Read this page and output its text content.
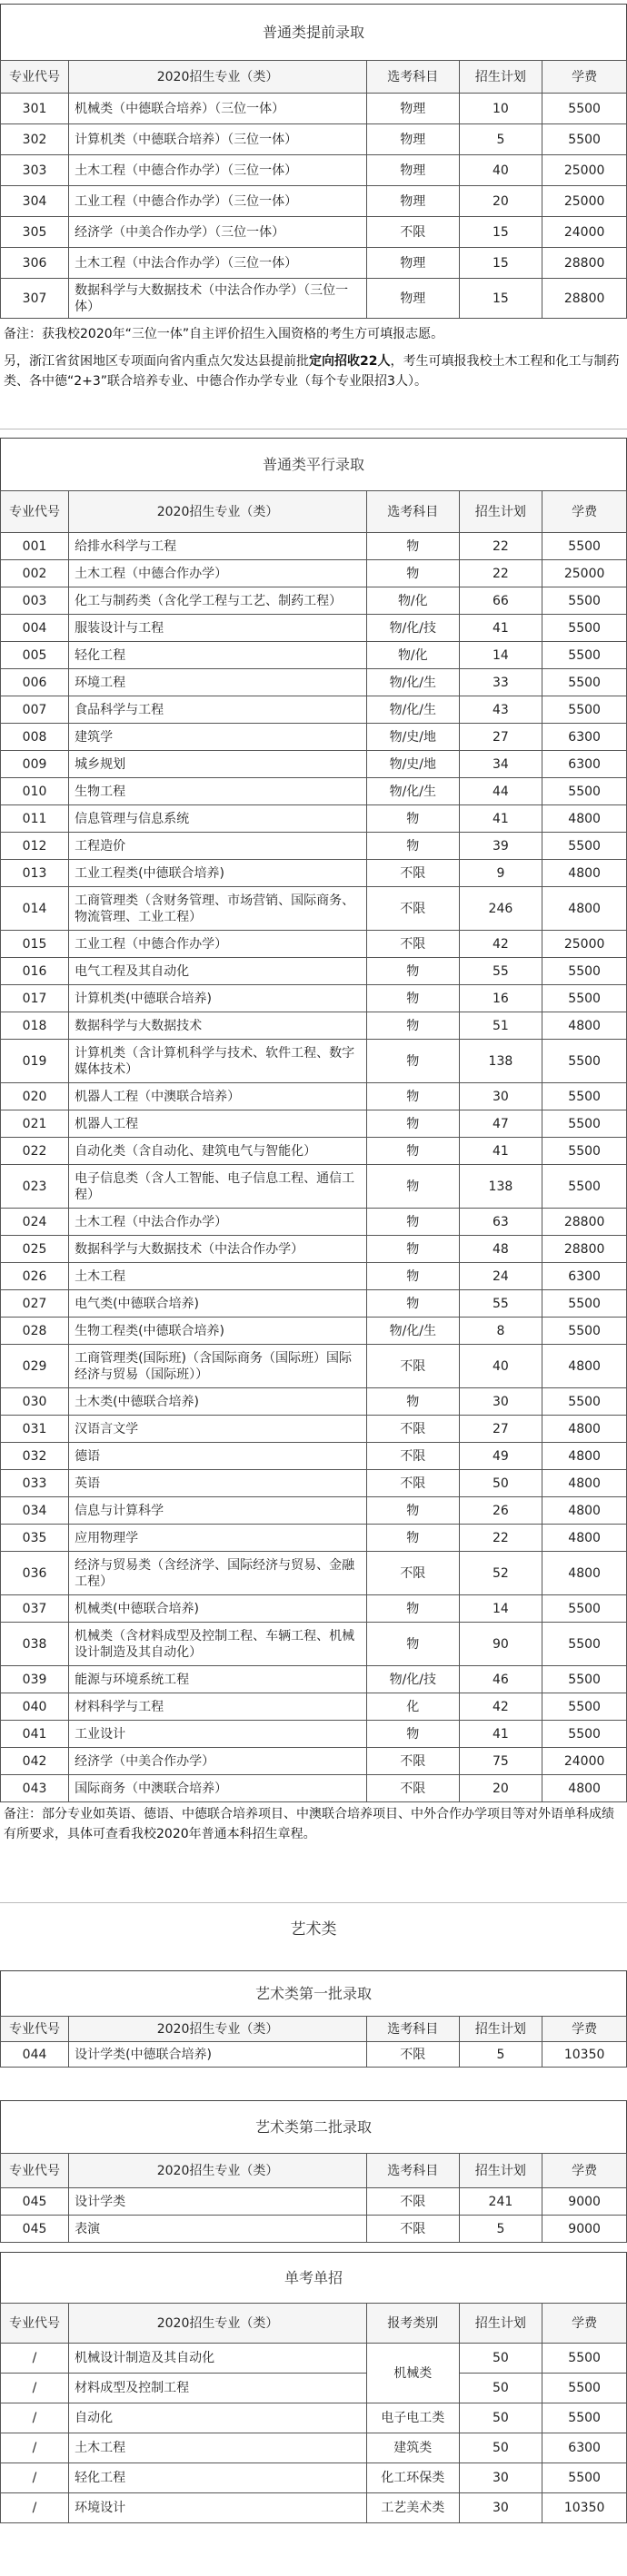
普通类提前录取
专业代号	2020招生专业（类）	选考科目	招生计划	学费
301	机械类（中德联合培养）（三位一体）	物理	10	5500
302	计算机类（中德联合培养）（三位一体）	物理	5	5500
303	土木工程（中德合作办学）（三位一体）	物理	40	25000
304	工业工程（中德合作办学）（三位一体）	物理	20	25000
305	经济学（中美合作办学）（三位一体）	不限	15	24000
306	土木工程（中法合作办学）（三位一体）	物理	15	28800
307	数据科学与大数据技术（中法合作办学）（三位一体）	物理	15	28800
备注：获我校2020年“三位一体”自主评价招生入围资格的考生方可填报志愿。
另，浙江省贫困地区专项面向省内重点欠发达县提前批定向招收22人，考生可填报我校土木工程和化工与制药类、各中德“2+3”联合培养专业、中德合作办学专业（每个专业限招3人）。
普通类平行录取
专业代号	2020招生专业（类）	选考科目	招生计划	学费
001	给排水科学与工程	物	22	5500
002	土木工程（中德合作办学）	物	22	25000
003	化工与制药类（含化学工程与工艺、制药工程）	物/化	66	5500
004	服装设计与工程	物/化/技	41	5500
005	轻化工程	物/化	14	5500
006	环境工程	物/化/生	33	5500
007	食品科学与工程	物/化/生	43	5500
008	建筑学	物/史/地	27	6300
009	城乡规划	物/史/地	34	6300
010	生物工程	物/化/生	44	5500
011	信息管理与信息系统	物	41	4800
012	工程造价	物	39	5500
013	工业工程类(中德联合培养)	不限	9	4800
014	工商管理类（含财务管理、市场营销、国际商务、物流管理、工业工程）	不限	246	4800
015	工业工程（中德合作办学）	不限	42	25000
016	电气工程及其自动化	物	55	5500
017	计算机类(中德联合培养)	物	16	5500
018	数据科学与大数据技术	物	51	4800
019	计算机类（含计算机科学与技术、软件工程、数字媒体技术）	物	138	5500
020	机器人工程（中澳联合培养）	物	30	5500
021	机器人工程	物	47	5500
022	自动化类（含自动化、建筑电气与智能化）	物	41	5500
023	电子信息类（含人工智能、电子信息工程、通信工程）	物	138	5500
024	土木工程（中法合作办学）	物	63	28800
025	数据科学与大数据技术（中法合作办学）	物	48	28800
026	土木工程	物	24	6300
027	电气类(中德联合培养)	物	55	5500
028	生物工程类(中德联合培养)	物/化/生	8	5500
029	工商管理类(国际班)（含国际商务（国际班）国际经济与贸易（国际班））	不限	40	4800
030	土木类(中德联合培养)	物	30	5500
031	汉语言文学	不限	27	4800
032	德语	不限	49	4800
033	英语	不限	50	4800
034	信息与计算科学	物	26	4800
035	应用物理学	物	22	4800
036	经济与贸易类（含经济学、国际经济与贸易、金融工程）	不限	52	4800
037	机械类(中德联合培养)	物	14	5500
038	机械类（含材料成型及控制工程、车辆工程、机械设计制造及其自动化）	物	90	5500
039	能源与环境系统工程	物/化/技	46	5500
040	材料科学与工程	化	42	5500
041	工业设计	物	41	5500
042	经济学（中美合作办学）	不限	75	24000
043	国际商务（中澳联合培养）	不限	20	4800
备注：部分专业如英语、德语、中德联合培养项目、中澳联合培养项目、中外合作办学项目等对外语单科成绩有所要求，具体可查看我校2020年普通本科招生章程。
艺术类
艺术类第一批录取
专业代号	2020招生专业（类）	选考科目	招生计划	学费
044	设计学类(中德联合培养)	不限	5	10350
艺术类第二批录取
专业代号	2020招生专业（类）	选考科目	招生计划	学费
045	设计学类	不限	241	9000
045	表演	不限	5	9000
单考单招
专业代号	2020招生专业（类）	报考类别	招生计划	学费
/	机械设计制造及其自动化	机械类	50	5500
/	材料成型及控制工程		50	5500
/	自动化	电子电工类	50	5500
/	土木工程	建筑类	50	6300
/	轻化工程	化工环保类	30	5500
/	环境设计	工艺美术类	30	10350
